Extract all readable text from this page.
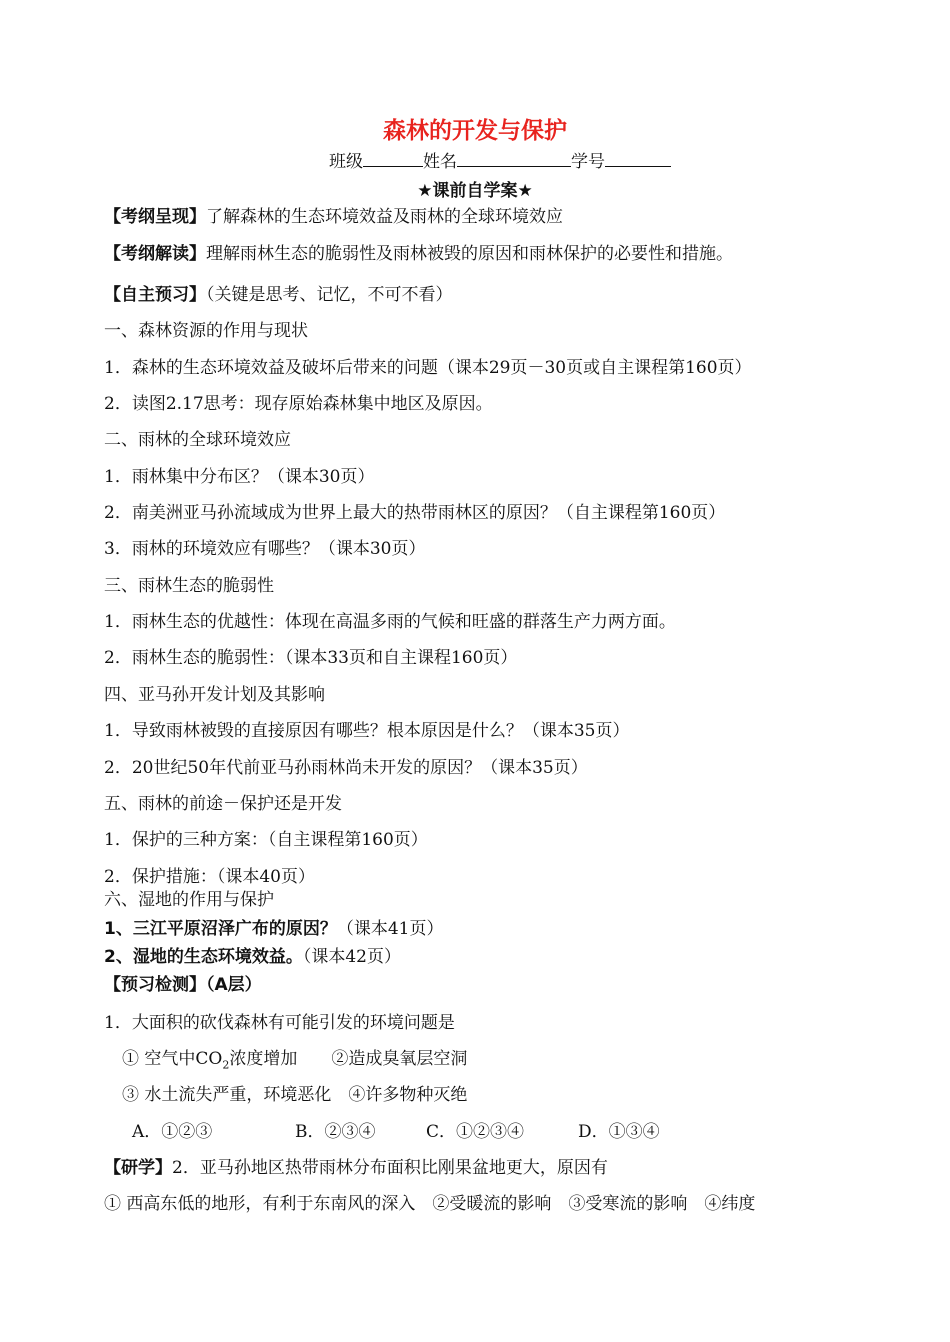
森林的开发与保护
班级	姓名	学号
★课前自学案★
【考纲呈现】了解森林的生态环境效益及雨林的全球环境效应
【考纲解读】理解雨林生态的脆弱性及雨林被毁的原因和雨林保护的必要性和措施。
【自主预习】（关键是思考、记忆，不可不看）
一、森林资源的作用与现状
1．森林的生态环境效益及破坏后带来的问题（课本29页－30页或自主课程第160页）
2．读图2.17思考：现存原始森林集中地区及原因。
二、雨林的全球环境效应
1．雨林集中分布区？（课本30页）
2．南美洲亚马孙流域成为世界上最大的热带雨林区的原因？（自主课程第160页）
3．雨林的环境效应有哪些？（课本30页）
三、雨林生态的脆弱性
1．雨林生态的优越性：体现在高温多雨的气候和旺盛的群落生产力两方面。
2．雨林生态的脆弱性：（课本33页和自主课程160页）
四、亚马孙开发计划及其影响
1．导致雨林被毁的直接原因有哪些？根本原因是什么？（课本35页）
2．20世纪50年代前亚马孙雨林尚未开发的原因？（课本35页）
五、雨林的前途－保护还是开发
1．保护的三种方案：（自主课程第160页）
2．保护措施：（课本40页）
六、湿地的作用与保护
1、三江平原沼泽广布的原因？（课本41页）
2、湿地的生态环境效益。（课本42页）
【预习检测】（A层）
1．大面积的砍伐森林有可能引发的环境问题是
① 空气中$CO_2$浓度增加　　②造成臭氧层空洞
③ 水土流失严重，环境恶化　④许多物种灭绝
A．①②③	B．②③④	C．①②③④	D．①③④
【研学】2．亚马孙地区热带雨林分布面积比刚果盆地更大，原因有
① 西高东低的地形，有利于东南风的深入　②受暖流的影响　③受寒流的影响　④纬度
